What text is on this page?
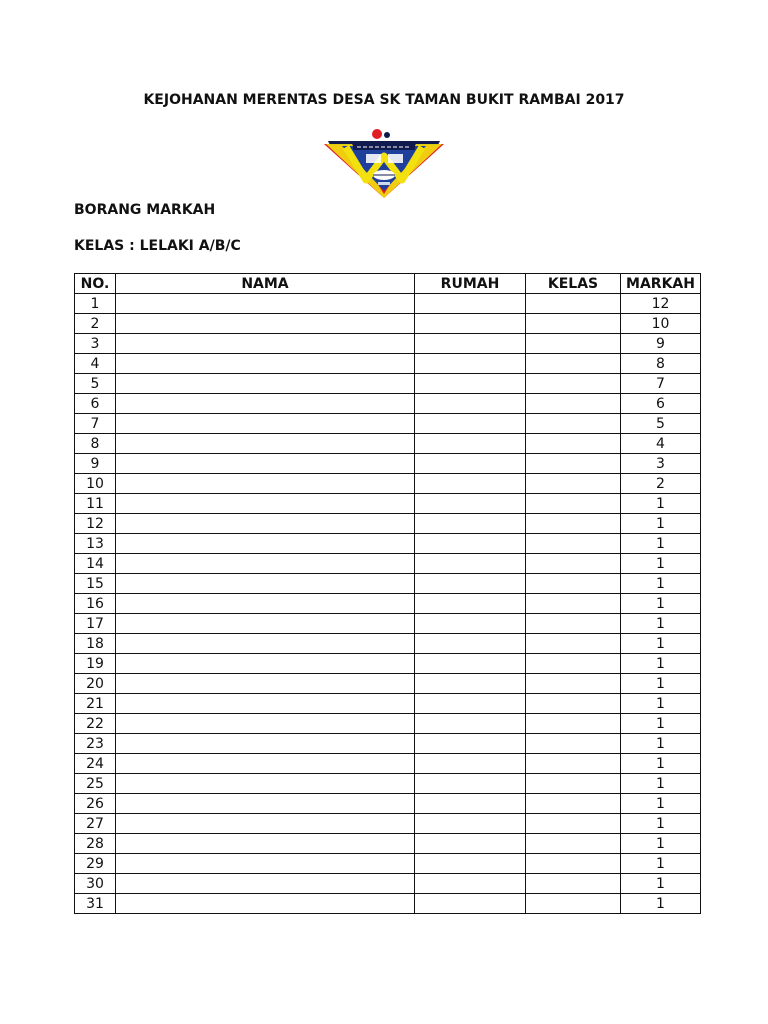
KEJOHANAN MERENTAS DESA SK TAMAN BUKIT RAMBAI 2017
BORANG MARKAH
KELAS : LELAKI A/B/C
NO.	NAMA	RUMAH	KELAS	MARKAH
1				12
2				10
3				9
4				8
5				7
6				6
7				5
8				4
9				3
10				2
11				1
12				1
13				1
14				1
15				1
16				1
17				1
18				1
19				1
20				1
21				1
22				1
23				1
24				1
25				1
26				1
27				1
28				1
29				1
30				1
31				1
